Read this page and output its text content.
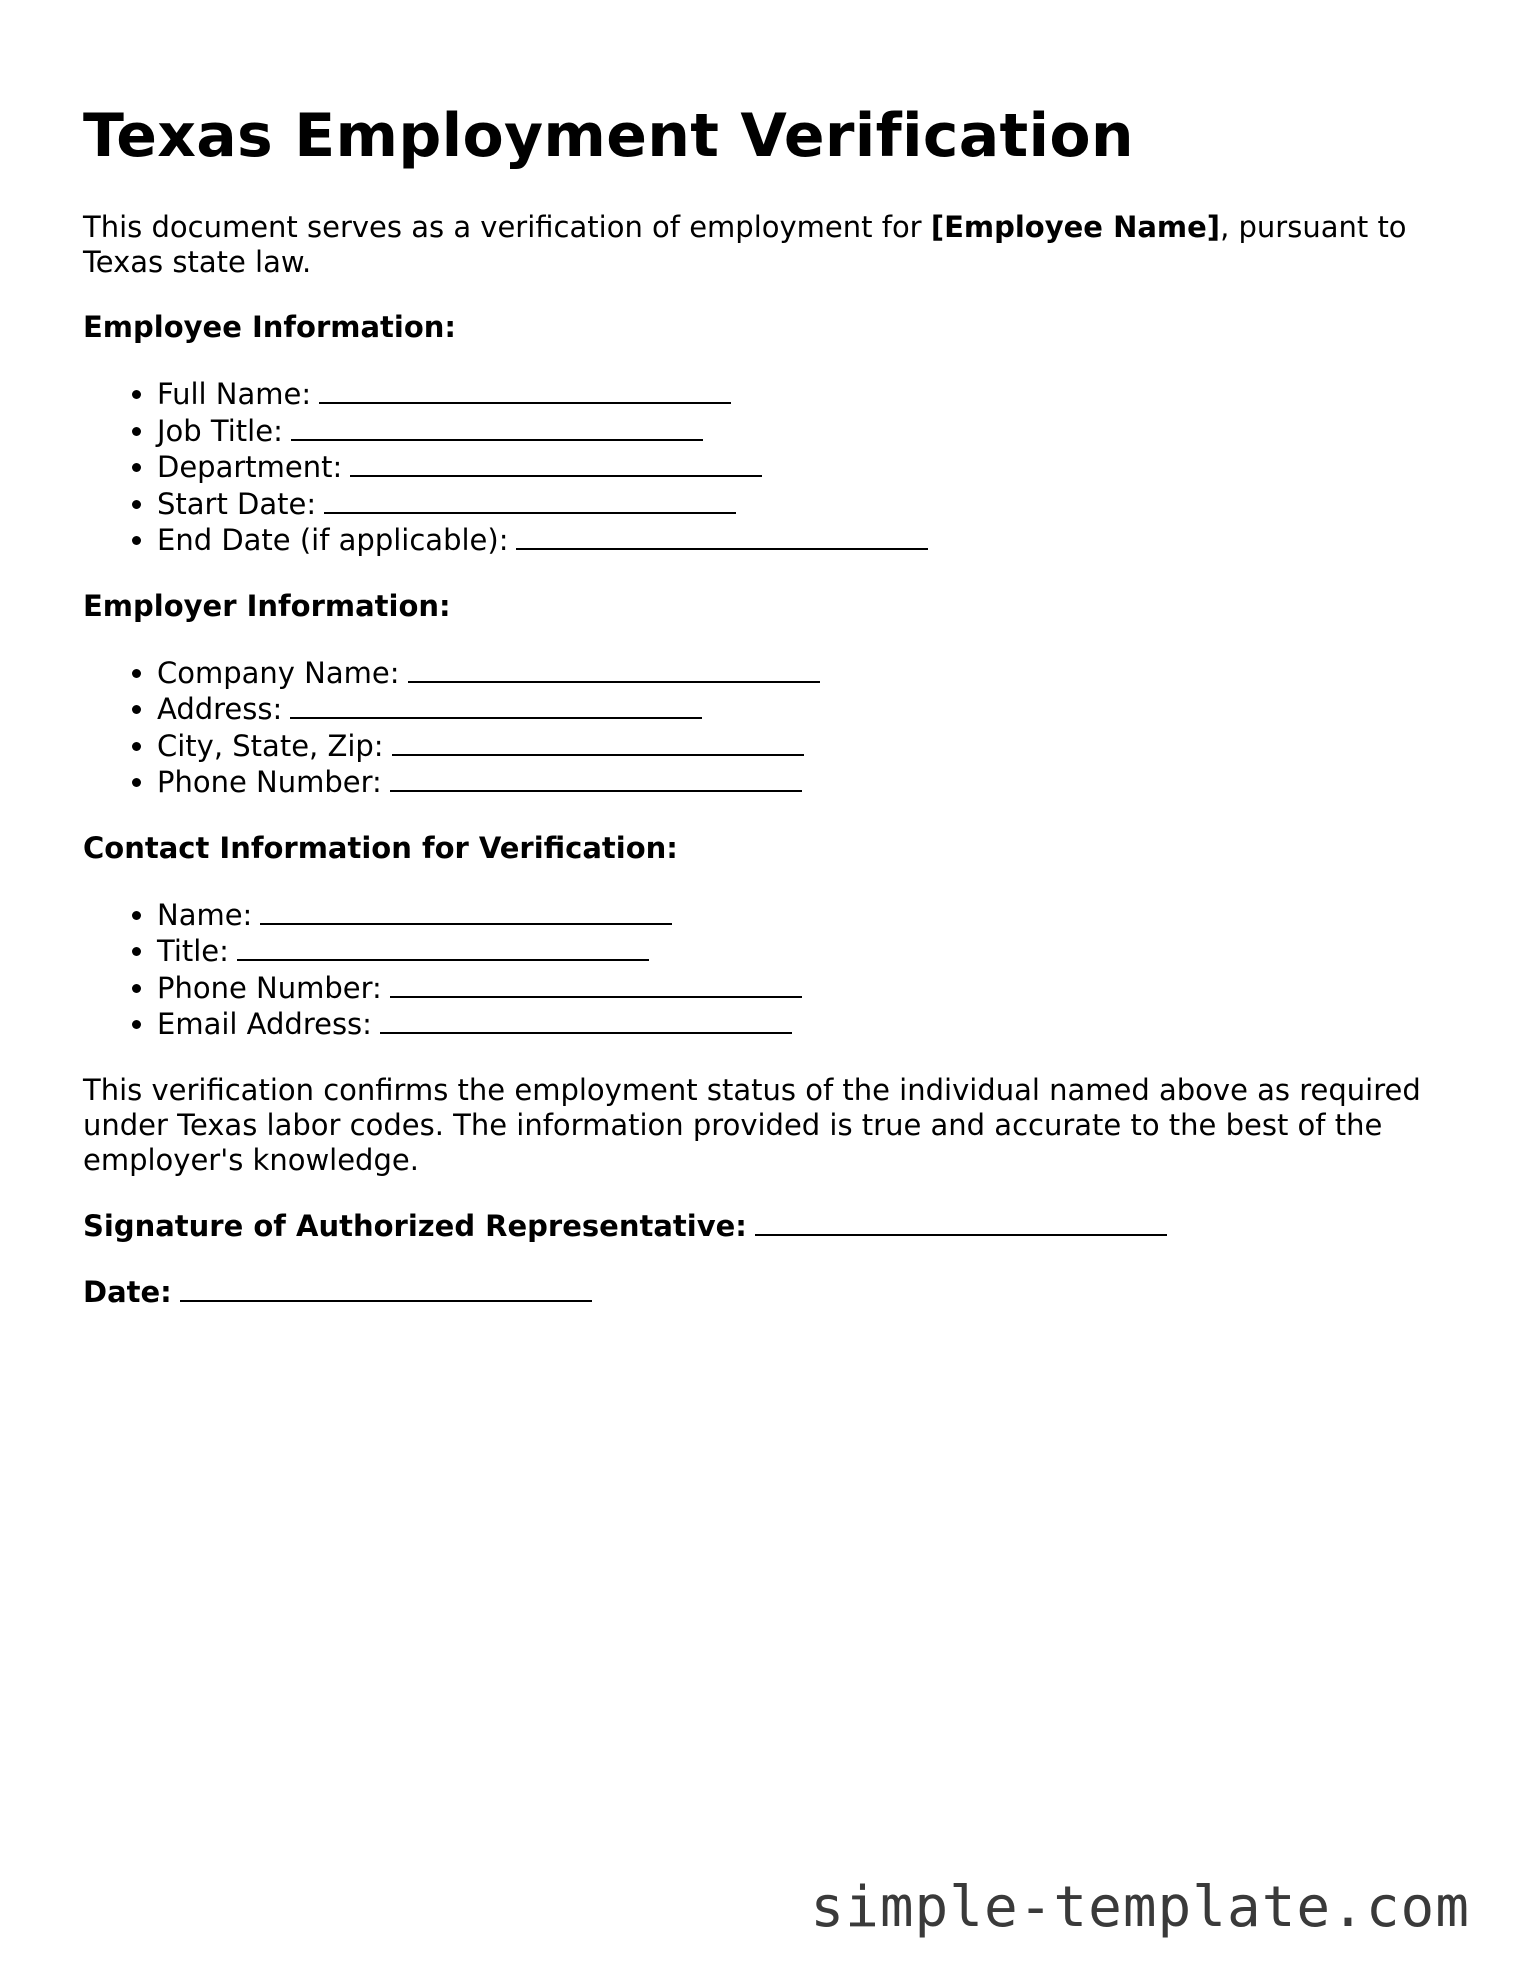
Texas Employment Verification

This document serves as a verification of employment for [Employee Name], pursuant to Texas state law.

Employee Information:
• Full Name:
• Job Title:
• Department:
• Start Date:
• End Date (if applicable):
Employer Information:
• Company Name:
• Address:
• City, State, Zip:
• Phone Number:
Contact Information for Verification:
• Name:
• Title:
• Phone Number:
• Email Address:

This verification confirms the employment status of the individual named above as required under Texas labor codes. The information provided is true and accurate to the best of the employer's knowledge.

Signature of Authorized Representative:
Date:
simple-template.com
